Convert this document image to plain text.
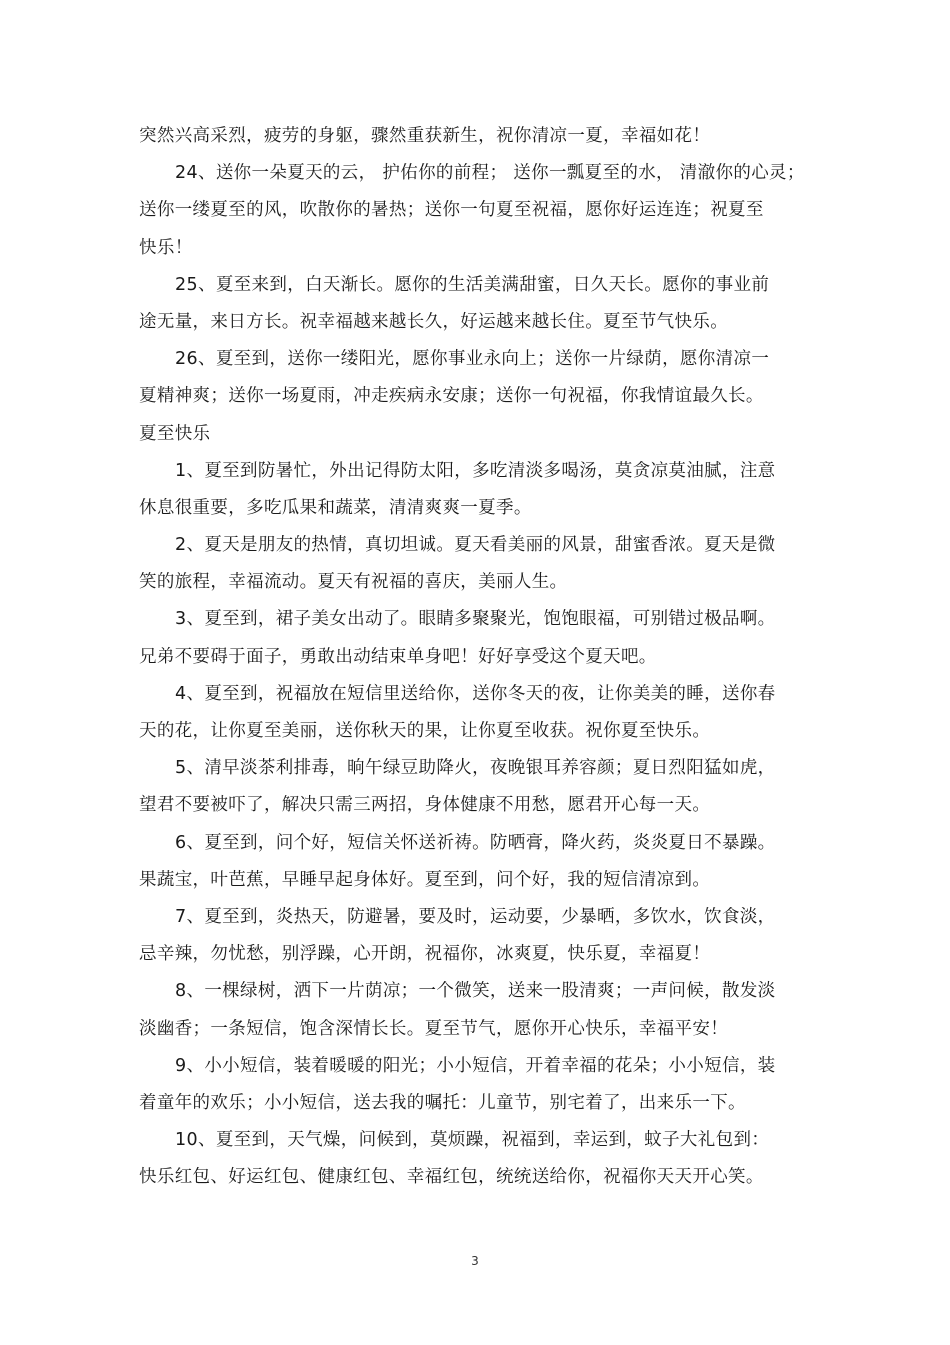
突然兴高采烈，疲劳的身躯，骤然重获新生，祝你清凉一夏，幸福如花！
24、送你一朵夏天的云， 护佑你的前程； 送你一瓢夏至的水， 清澈你的心灵；
送你一缕夏至的风，吹散你的暑热；送你一句夏至祝福，愿你好运连连；祝夏至
快乐！
25、夏至来到，白天渐长。愿你的生活美满甜蜜，日久天长。愿你的事业前
途无量，来日方长。祝幸福越来越长久，好运越来越长住。夏至节气快乐。
26、夏至到，送你一缕阳光，愿你事业永向上；送你一片绿荫，愿你清凉一
夏精神爽；送你一场夏雨，冲走疾病永安康；送你一句祝福，你我情谊最久长。
夏至快乐
1、夏至到防暑忙，外出记得防太阳，多吃清淡多喝汤，莫贪凉莫油腻，注意
休息很重要，多吃瓜果和蔬菜，清清爽爽一夏季。
2、夏天是朋友的热情，真切坦诚。夏天看美丽的风景，甜蜜香浓。夏天是微
笑的旅程，幸福流动。夏天有祝福的喜庆，美丽人生。
3、夏至到，裙子美女出动了。眼睛多聚聚光，饱饱眼福，可别错过极品啊。
兄弟不要碍于面子，勇敢出动结束单身吧！好好享受这个夏天吧。
4、夏至到，祝福放在短信里送给你，送你冬天的夜，让你美美的睡，送你春
天的花，让你夏至美丽，送你秋天的果，让你夏至收获。祝你夏至快乐。
5、清早淡茶利排毒，晌午绿豆助降火，夜晚银耳养容颜；夏日烈阳猛如虎，
望君不要被吓了，解决只需三两招，身体健康不用愁，愿君开心每一天。
6、夏至到，问个好，短信关怀送祈祷。防晒膏，降火药，炎炎夏日不暴躁。
果蔬宝，叶芭蕉，早睡早起身体好。夏至到，问个好，我的短信清凉到。
7、夏至到，炎热天，防避暑，要及时，运动要，少暴晒，多饮水，饮食淡，
忌辛辣，勿忧愁，别浮躁，心开朗，祝福你，冰爽夏，快乐夏，幸福夏！
8、一棵绿树，洒下一片荫凉；一个微笑，送来一股清爽；一声问候，散发淡
淡幽香；一条短信，饱含深情长长。夏至节气，愿你开心快乐，幸福平安！
9、小小短信，装着暖暖的阳光；小小短信，开着幸福的花朵；小小短信，装
着童年的欢乐；小小短信，送去我的嘱托：儿童节，别宅着了，出来乐一下。
10、夏至到，天气燥，问候到，莫烦躁，祝福到，幸运到，蚊子大礼包到：
快乐红包、好运红包、健康红包、幸福红包，统统送给你，祝福你天天开心笑。
3
